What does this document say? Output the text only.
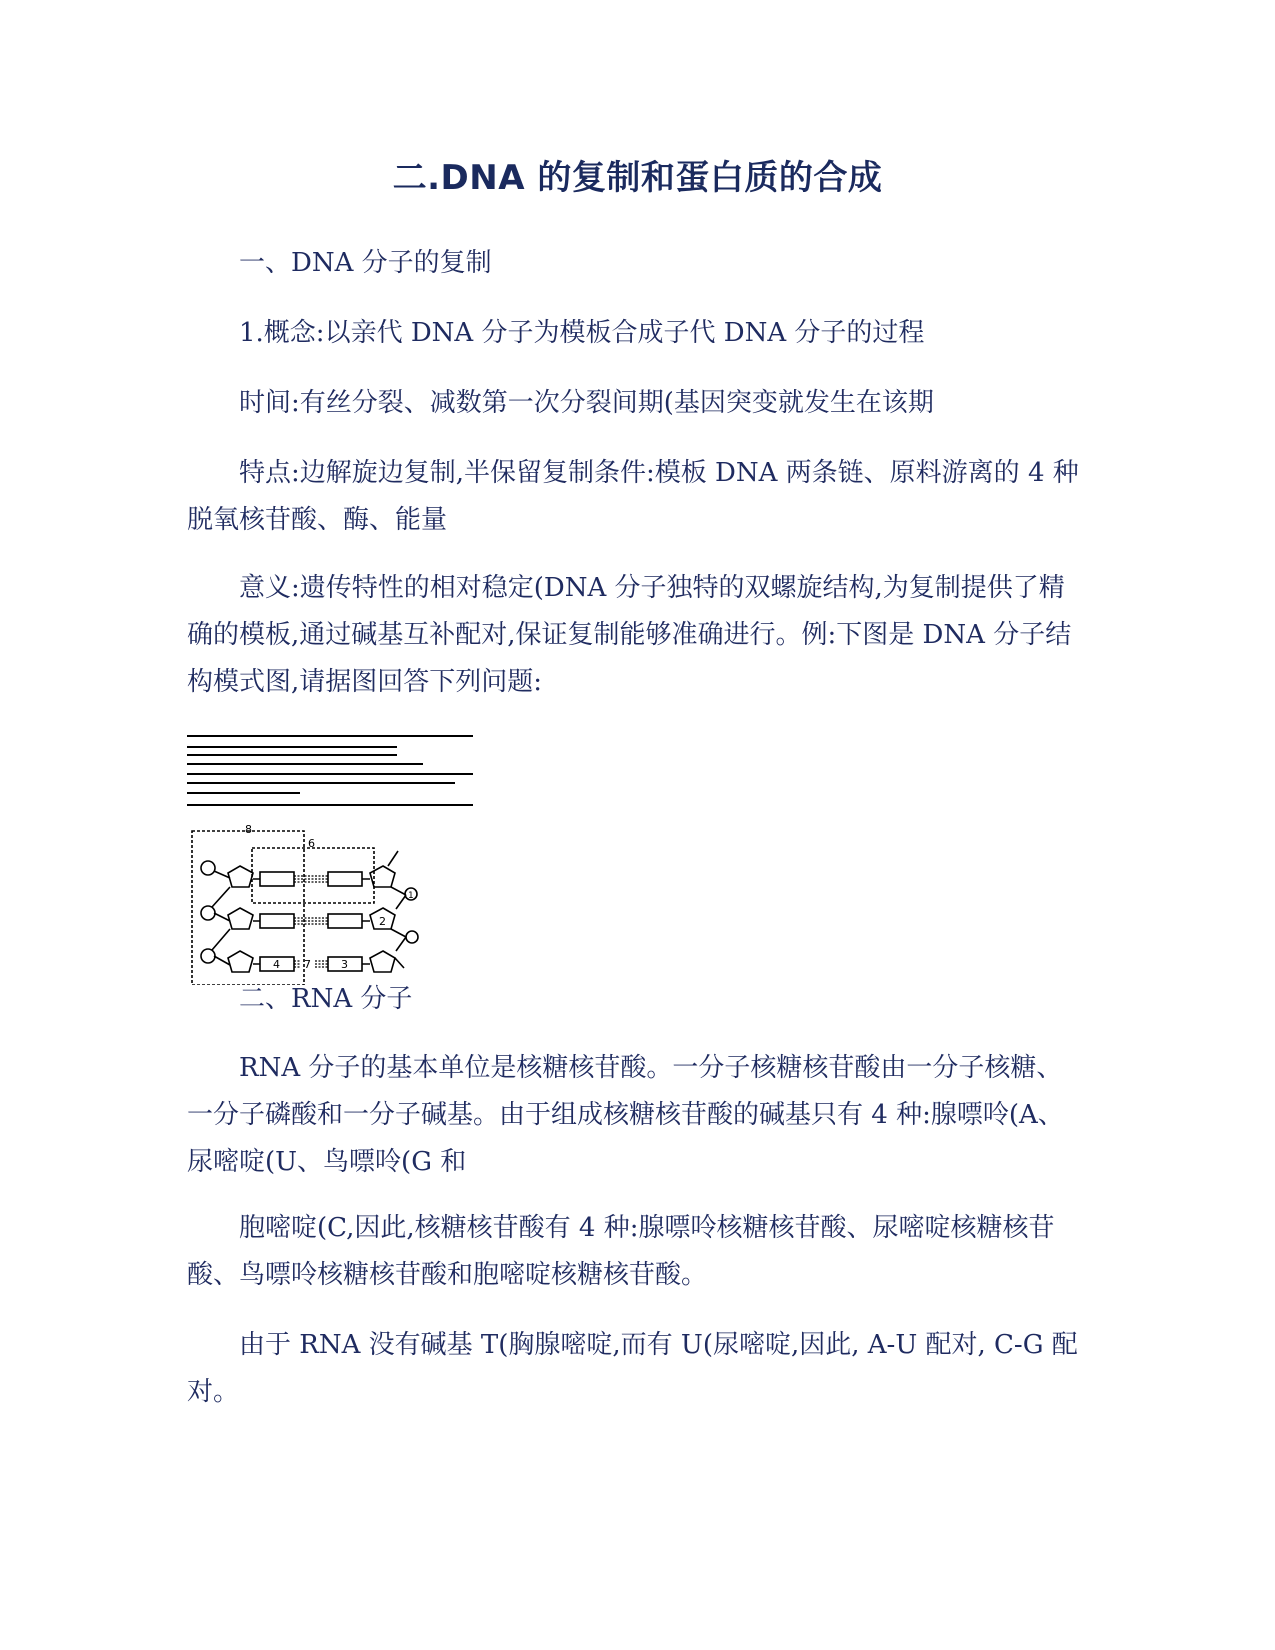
二.DNA 的复制和蛋白质的合成

一、DNA 分子的复制

1.概念:以亲代 DNA 分子为模板合成子代 DNA 分子的过程

时间:有丝分裂、减数第一次分裂间期(基因突变就发生在该期

特点:边解旋边复制,半保留复制条件:模板 DNA 两条链、原料游离的 4 种脱氧核苷酸、酶、能量

意义:遗传特性的相对稳定(DNA 分子独特的双螺旋结构,为复制提供了精确的模板,通过碱基互补配对,保证复制能够准确进行。例:下图是 DNA 分子结构模式图,请据图回答下列问题:

8
6
1
2
4 7	3

二、RNA 分子

RNA 分子的基本单位是核糖核苷酸。一分子核糖核苷酸由一分子核糖、一分子磷酸和一分子碱基。由于组成核糖核苷酸的碱基只有 4 种:腺嘌呤(A、尿嘧啶(U、鸟嘌呤(G 和

胞嘧啶(C,因此,核糖核苷酸有 4 种:腺嘌呤核糖核苷酸、尿嘧啶核糖核苷酸、鸟嘌呤核糖核苷酸和胞嘧啶核糖核苷酸。

由于 RNA 没有碱基 T(胸腺嘧啶,而有 U(尿嘧啶,因此, A-U 配对, C-G 配对。
